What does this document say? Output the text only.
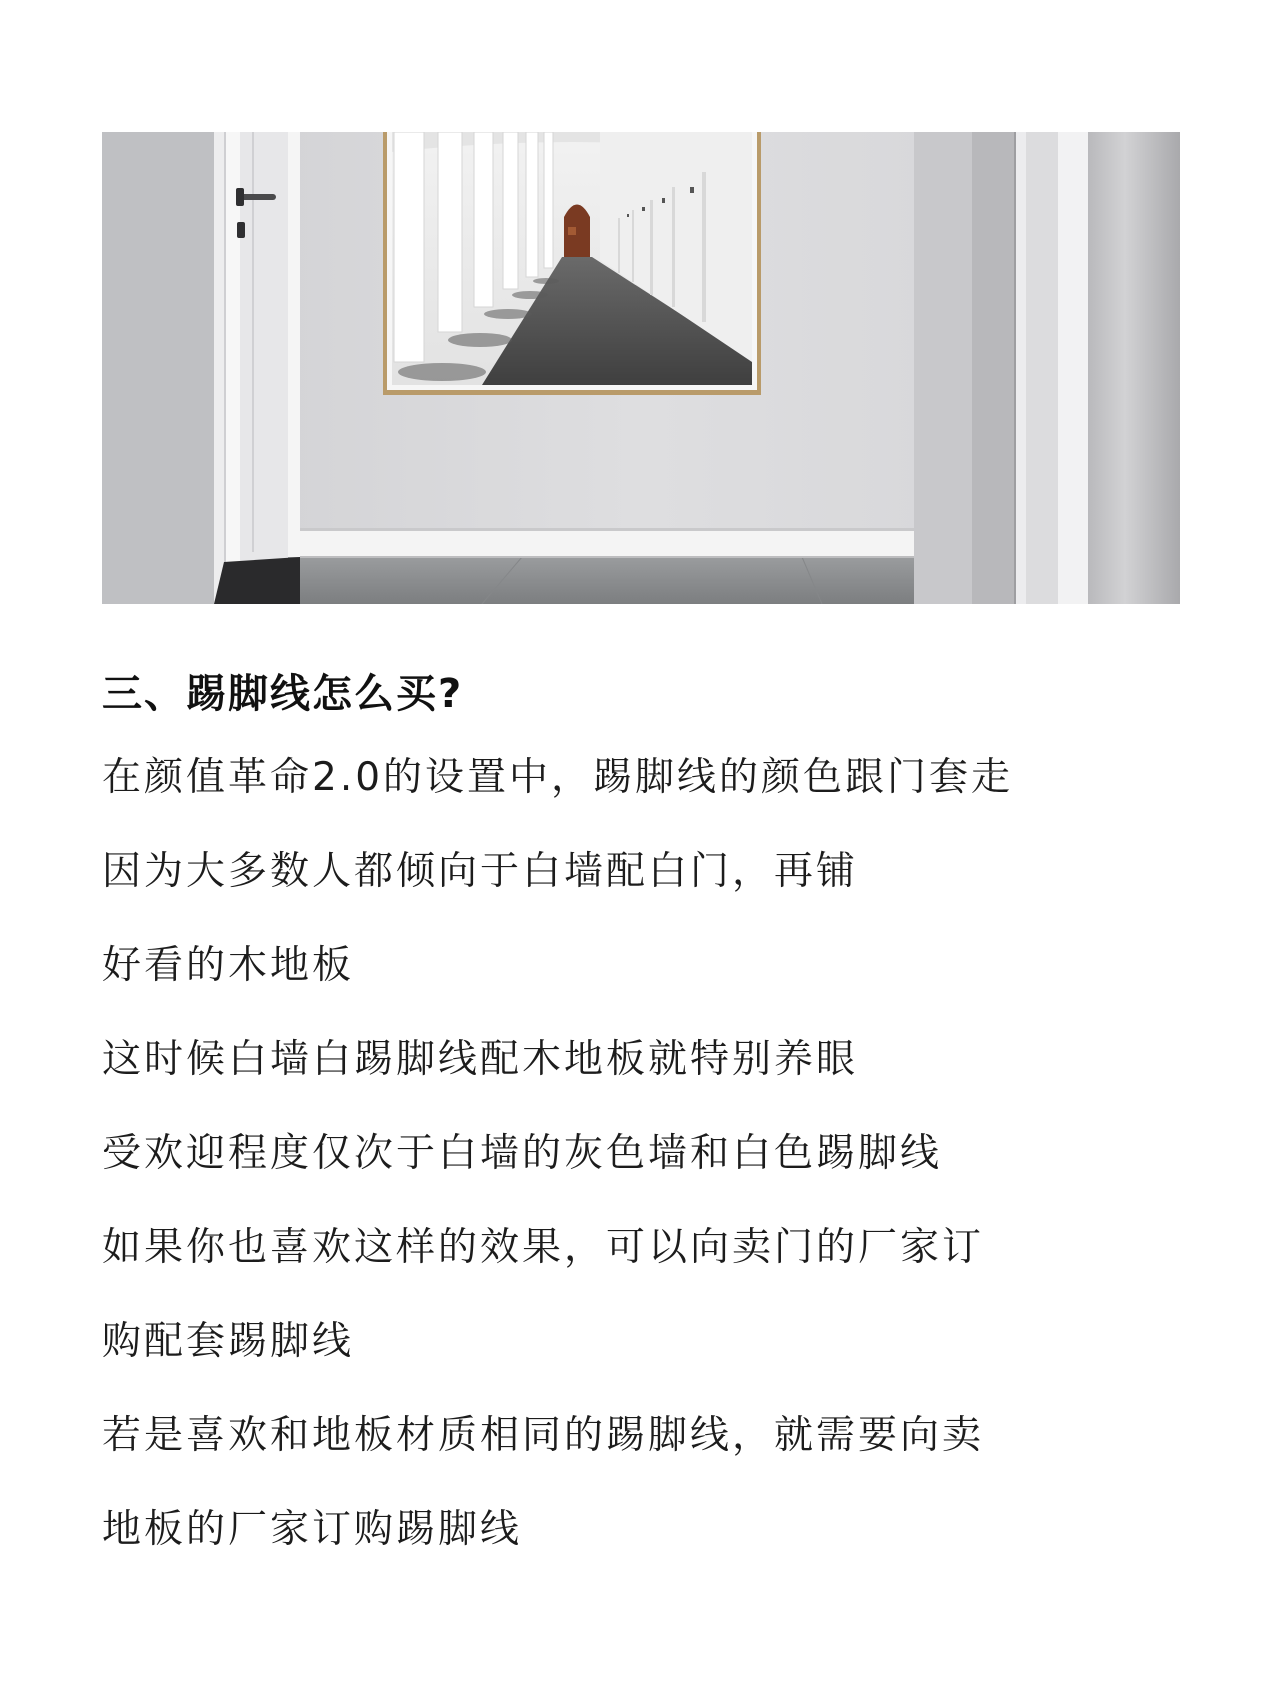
三、踢脚线怎么买?
在颜值革命2.0的设置中，踢脚线的颜色跟门套走
因为大多数人都倾向于白墙配白门，再铺
好看的木地板
这时候白墙白踢脚线配木地板就特别养眼
受欢迎程度仅次于白墙的灰色墙和白色踢脚线
如果你也喜欢这样的效果，可以向卖门的厂家订
购配套踢脚线
若是喜欢和地板材质相同的踢脚线，就需要向卖
地板的厂家订购踢脚线
